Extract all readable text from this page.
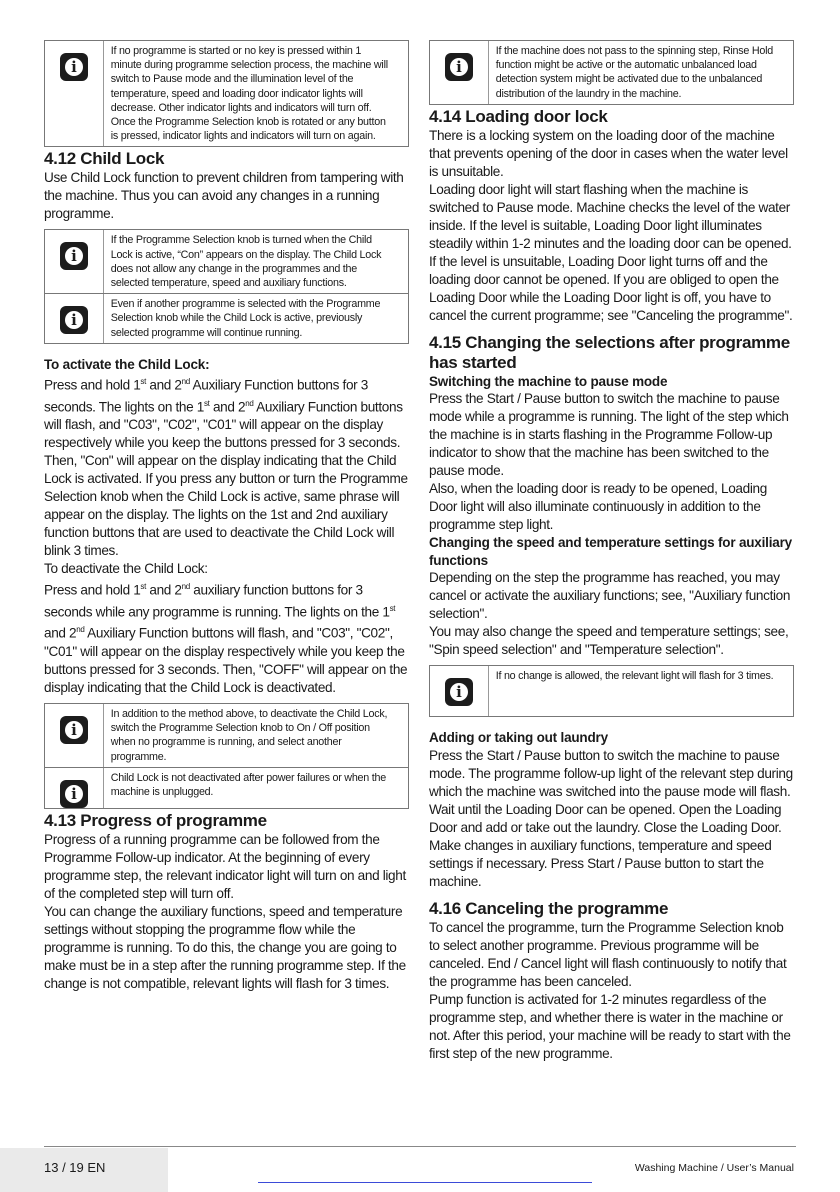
i
If no programme is started or no key is pressed within 1 minute during programme selection process, the machine will switch to Pause mode and the illumination level of the temperature, speed and loading door indicator lights will decrease. Other indicator lights and indicators will turn off. Once the Programme Selection knob is rotated or any button is pressed, indicator lights and indicators will turn on again.
4.12 Child Lock

Use Child Lock function to prevent children from tampering with the machine. Thus you can avoid any changes in a running programme.

i
If the Programme Selection knob is turned when the Child Lock is active, “Con” appears on the display. The Child Lock does not allow any change in the programmes and the selected temperature, speed and auxiliary functions.
i
Even if another programme is selected with the Programme Selection knob while the Child Lock is active, previously selected programme will continue running.
To activate the Child Lock:

Press and hold 1st and 2nd Auxiliary Function buttons for 3 seconds. The lights on the 1st and 2nd Auxiliary Function buttons will flash, and "C03", "C02", "C01" will appear on the display respectively while you keep the buttons pressed for 3 seconds. Then, "Con" will appear on the display indicating that the Child Lock is activated. If you press any button or turn the Programme Selection knob when the Child Lock is active, same phrase will appear on the display. The lights on the 1st and 2nd auxiliary function buttons that are used to deactivate the Child Lock will blink 3 times.

To deactivate the Child Lock:

Press and hold 1st and 2nd auxiliary function buttons for 3 seconds while any programme is running. The lights on the 1st and 2nd Auxiliary Function buttons will flash, and "C03", "C02", "C01" will appear on the display respectively while you keep the buttons pressed for 3 seconds. Then, "COFF" will appear on the display indicating that the Child Lock is deactivated.

i
In addition to the method above, to deactivate the Child Lock, switch the Programme Selection knob to On / Off position when no programme is running, and select another programme.
i
Child Lock is not deactivated after power failures or when the machine is unplugged.
4.13 Progress of programme

Progress of a running programme can be followed from the Programme Follow-up indicator. At the beginning of every programme step, the relevant indicator light will turn on and light of the completed step will turn off.

You can change the auxiliary functions, speed and temperature settings without stopping the programme flow while the programme is running. To do this, the change you are going to make must be in a step after the running programme step. If the change is not compatible, relevant lights will flash for 3 times.

i
If the machine does not pass to the spinning step, Rinse Hold function might be active or the automatic unbalanced load detection system might be activated due to the unbalanced distribution of the laundry in the machine.
4.14 Loading door lock

There is a locking system on the loading door of the machine that prevents opening of the door in cases when the water level is unsuitable.

Loading door light will start flashing when the machine is switched to Pause mode. Machine checks the level of the water inside. If the level is suitable, Loading Door light illuminates steadily within 1-2 minutes and the loading door can be opened.

If the level is unsuitable, Loading Door light turns off and the loading door cannot be opened. If you are obliged to open the Loading Door while the Loading Door light is off, you have to cancel the current programme; see "Canceling the programme".

4.15 Changing the selections after programme has started
Switching the machine to pause mode

Press the Start / Pause button to switch the machine to pause mode while a programme is running. The light of the step which the machine is in starts flashing in the Programme Follow-up indicator to show that the machine has been switched to the pause mode.

Also, when the loading door is ready to be opened, Loading Door light will also illuminate continuously in addition to the programme step light.

Changing the speed and temperature settings for auxiliary functions

Depending on the step the programme has reached, you may cancel or activate the auxiliary functions; see, "Auxiliary function selection".

You may also change the speed and temperature settings; see, "Spin speed selection" and "Temperature selection".

i
If no change is allowed, the relevant light will flash for 3 times.
Adding or taking out laundry

Press the Start / Pause button to switch the machine to pause mode. The programme follow-up light of the relevant step during which the machine was switched into the pause mode will flash. Wait until the Loading Door can be opened. Open the Loading Door and add or take out the laundry. Close the Loading Door. Make changes in auxiliary functions, temperature and speed settings if necessary. Press Start / Pause button to start the machine.

4.16 Canceling the programme

To cancel the programme, turn the Programme Selection knob to select another programme. Previous programme will be canceled. End / Cancel light will flash continuously to notify that the programme has been canceled.

Pump function is activated for 1-2 minutes regardless of the programme step, and whether there is water in the machine or not. After this period, your machine will be ready to start with the first step of the new programme.

13 / 19 EN	Washing Machine / User’s Manual
